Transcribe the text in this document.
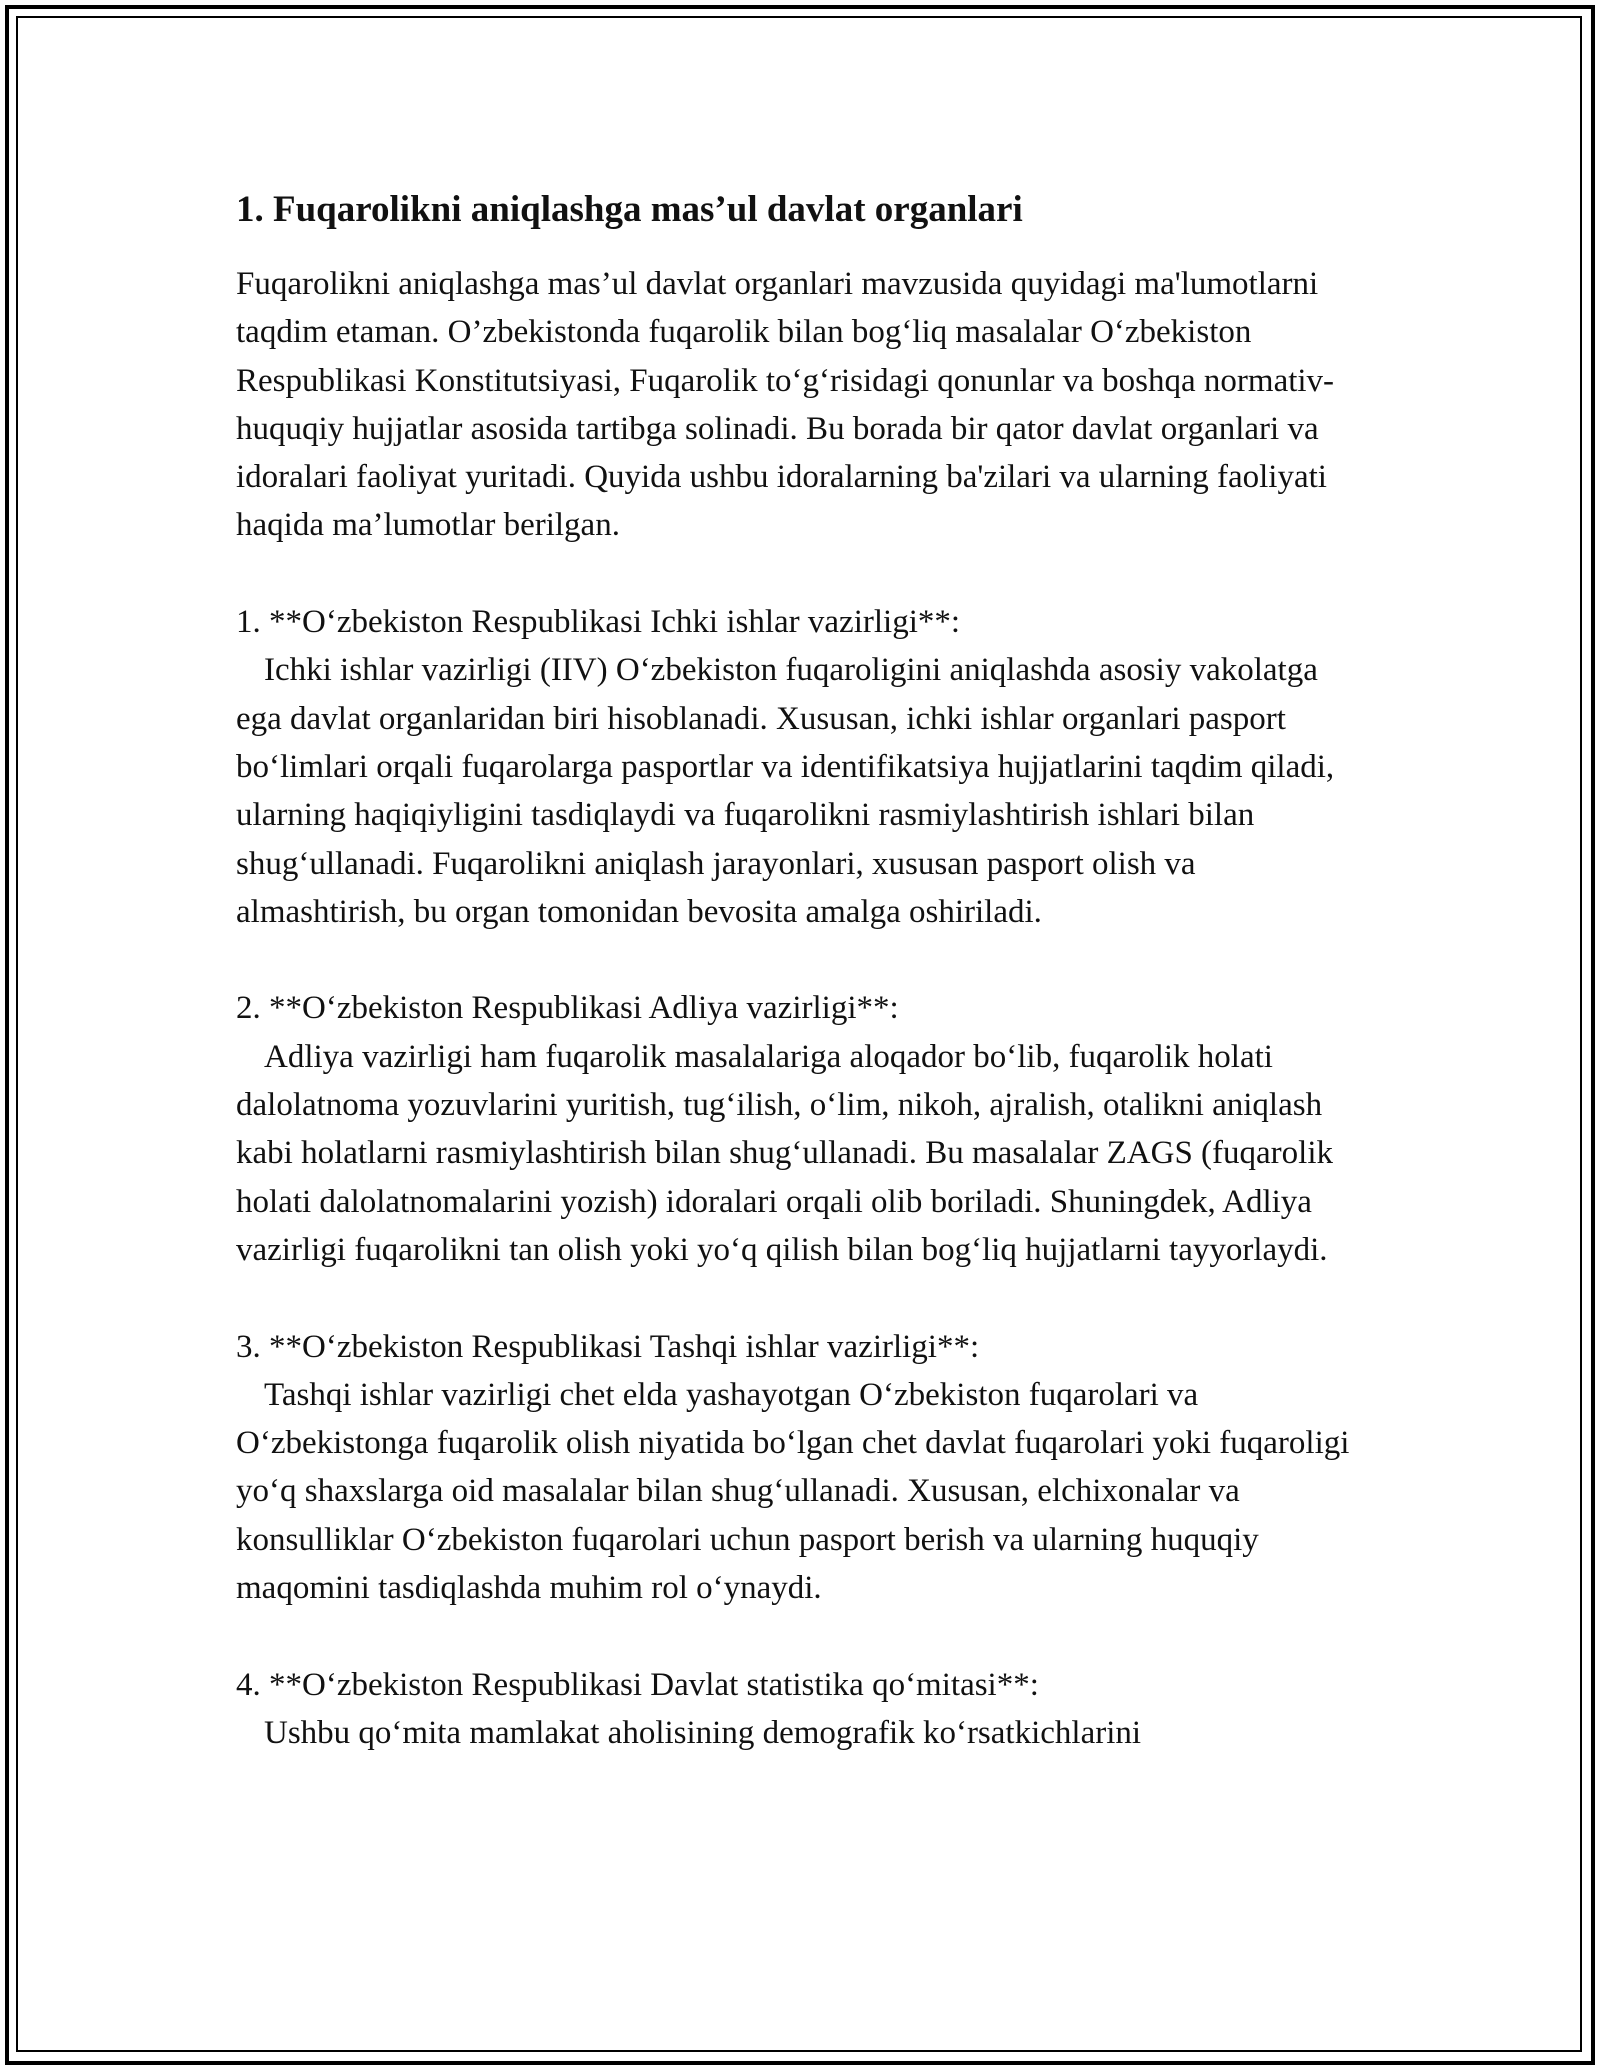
1. Fuqarolikni aniqlashga mas’ul davlat organlari

Fuqarolikni aniqlashga mas’ul davlat organlari mavzusida quyidagi ma'lumotlarni taqdim etaman. O’zbekistonda fuqarolik bilan bog‘liq masalalar O‘zbekiston Respublikasi Konstitutsiyasi, Fuqarolik to‘g‘risidagi qonunlar va boshqa normativ-huquqiy hujjatlar asosida tartibga solinadi. Bu borada bir qator davlat organlari va idoralari faoliyat yuritadi. Quyida ushbu idoralarning ba'zilari va ularning faoliyati haqida ma’lumotlar berilgan.

1. **O‘zbekiston Respublikasi Ichki ishlar vazirligi**:

Ichki ishlar vazirligi (IIV) O‘zbekiston fuqaroligini aniqlashda asosiy vakolatga ega davlat organlaridan biri hisoblanadi. Xususan, ichki ishlar organlari pasport bo‘limlari orqali fuqarolarga pasportlar va identifikatsiya hujjatlarini taqdim qiladi, ularning haqiqiyligini tasdiqlaydi va fuqarolikni rasmiylashtirish ishlari bilan shug‘ullanadi. Fuqarolikni aniqlash jarayonlari, xususan pasport olish va almashtirish, bu organ tomonidan bevosita amalga oshiriladi.

2. **O‘zbekiston Respublikasi Adliya vazirligi**:

Adliya vazirligi ham fuqarolik masalalariga aloqador bo‘lib, fuqarolik holati dalolatnoma yozuvlarini yuritish, tug‘ilish, o‘lim, nikoh, ajralish, otalikni aniqlash kabi holatlarni rasmiylashtirish bilan shug‘ullanadi. Bu masalalar ZAGS (fuqarolik holati dalolatnomalarini yozish) idoralari orqali olib boriladi. Shuningdek, Adliya vazirligi fuqarolikni tan olish yoki yo‘q qilish bilan bog‘liq hujjatlarni tayyorlaydi.

3. **O‘zbekiston Respublikasi Tashqi ishlar vazirligi**:

Tashqi ishlar vazirligi chet elda yashayotgan O‘zbekiston fuqarolari va O‘zbekistonga fuqarolik olish niyatida bo‘lgan chet davlat fuqarolari yoki fuqaroligi yo‘q shaxslarga oid masalalar bilan shug‘ullanadi. Xususan, elchixonalar va konsulliklar O‘zbekiston fuqarolari uchun pasport berish va ularning huquqiy maqomini tasdiqlashda muhim rol o‘ynaydi.

4. **O‘zbekiston Respublikasi Davlat statistika qo‘mitasi**:

Ushbu qo‘mita mamlakat aholisining demografik ko‘rsatkichlarini
